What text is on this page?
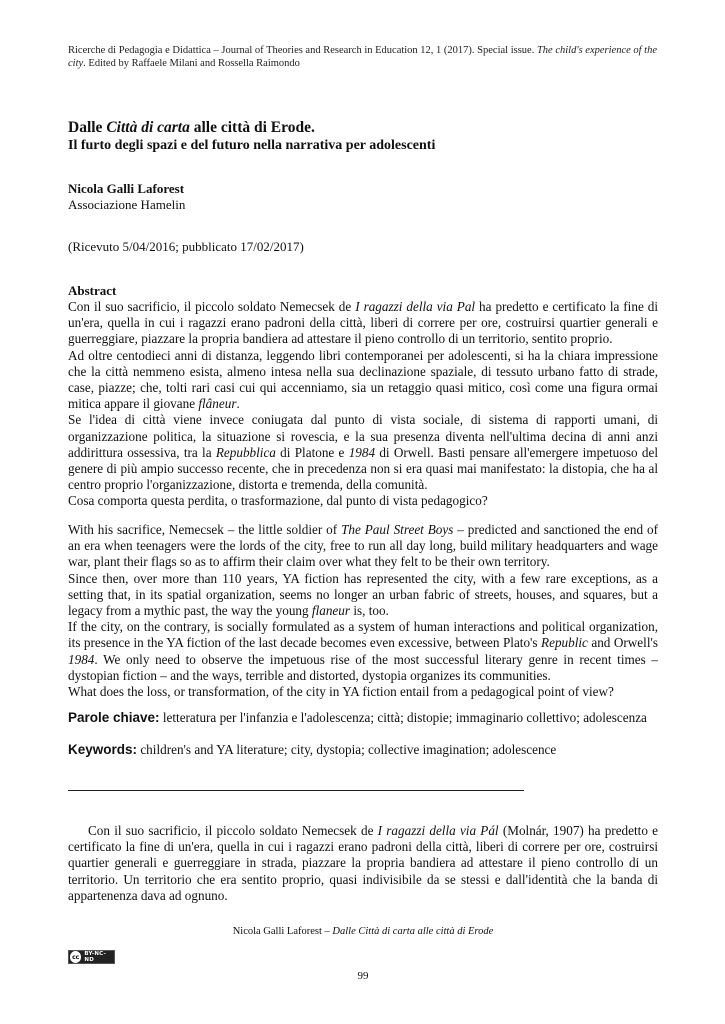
Ricerche di Pedagogia e Didattica – Journal of Theories and Research in Education 12, 1 (2017). Special issue. The child's experience of the city. Edited by Raffaele Milani and Rossella Raimondo

Dalle Città di carta alle città di Erode.

Il furto degli spazi e del futuro nella narrativa per adolescenti

Nicola Galli Laforest
Associazione Hamelin
(Ricevuto 5/04/2016; pubblicato 17/02/2017)
Abstract

Con il suo sacrificio, il piccolo soldato Nemecsek de I ragazzi della via Pal ha predetto e certificato la fine di un'era, quella in cui i ragazzi erano padroni della città, liberi di correre per ore, costruirsi quartier generali e guerreggiare, piazzare la propria bandiera ad attestare il pieno controllo di un territorio, sentito proprio.

Ad oltre centodieci anni di distanza, leggendo libri contemporanei per adolescenti, si ha la chiara impressione che la città nemmeno esista, almeno intesa nella sua declinazione spaziale, di tessuto urbano fatto di strade, case, piazze; che, tolti rari casi cui qui accenniamo, sia un retaggio quasi mitico, così come una figura ormai mitica appare il giovane flâneur.

Se l'idea di città viene invece coniugata dal punto di vista sociale, di sistema di rapporti umani, di organizzazione politica, la situazione si rovescia, e la sua presenza diventa nell'ultima decina di anni anzi addirittura ossessiva, tra la Repubblica di Platone e 1984 di Orwell. Basti pensare all'emergere impetuoso del genere di più ampio successo recente, che in precedenza non si era quasi mai manifestato: la distopia, che ha al centro proprio l'organizzazione, distorta e tremenda, della comunità.

Cosa comporta questa perdita, o trasformazione, dal punto di vista pedagogico?

With his sacrifice, Nemecsek – the little soldier of The Paul Street Boys – predicted and sanctioned the end of an era when teenagers were the lords of the city, free to run all day long, build military headquarters and wage war, plant their flags so as to affirm their claim over what they felt to be their own territory.

Since then, over more than 110 years, YA fiction has represented the city, with a few rare exceptions, as a setting that, in its spatial organization, seems no longer an urban fabric of streets, houses, and squares, but a legacy from a mythic past, the way the young flaneur is, too.

If the city, on the contrary, is socially formulated as a system of human interactions and political organization, its presence in the YA fiction of the last decade becomes even excessive, between Plato's Republic and Orwell's 1984. We only need to observe the impetuous rise of the most successful literary genre in recent times – dystopian fiction – and the ways, terrible and distorted, dystopia organizes its communities.

What does the loss, or transformation, of the city in YA fiction entail from a pedagogical point of view?

Parole chiave: letteratura per l'infanzia e l'adolescenza; città; distopie; immaginario collettivo; adolescenza
Keywords: children's and YA literature; city, dystopia; collective imagination; adolescence

Con il suo sacrificio, il piccolo soldato Nemecsek de I ragazzi della via Pál (Molnár, 1907) ha predetto e certificato la fine di un'era, quella in cui i ragazzi erano padroni della città, liberi di correre per ore, costruirsi quartier generali e guerreggiare in strada, piazzare la propria bandiera ad attestare il pieno controllo di un territorio. Un territorio che era sentito proprio, quasi indivisibile da se stessi e dall'identità che la banda di appartenenza dava ad ognuno.

Nicola Galli Laforest – Dalle Città di carta alle città di Erode
cc BY-NC-ND
99
